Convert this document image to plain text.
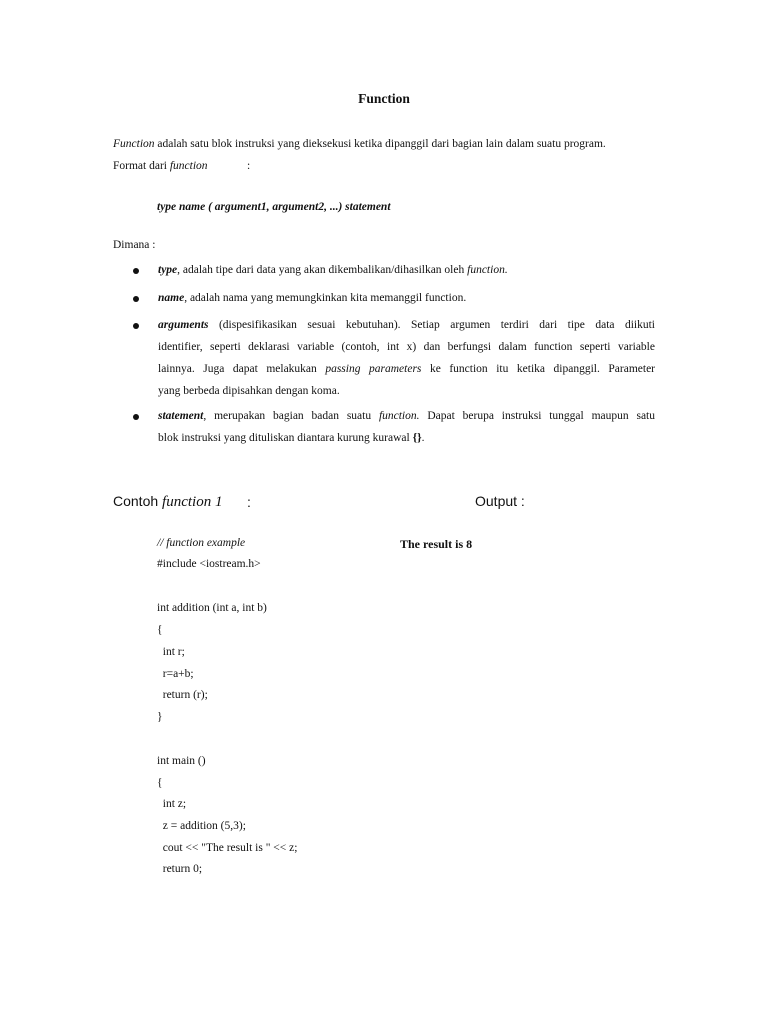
Function
Function adalah satu blok instruksi yang dieksekusi ketika dipanggil dari bagian lain dalam suatu program.
Format dari function	:
type name ( argument1, argument2, ...) statement
Dimana :
type, adalah tipe dari data yang akan dikembalikan/dihasilkan oleh function.
name, adalah nama yang memungkinkan kita memanggil function.
arguments (dispesifikasikan sesuai kebutuhan). Setiap argumen terdiri dari tipe data diikuti
identifier, seperti deklarasi variable (contoh, int x) dan berfungsi dalam function seperti variable
lainnya. Juga dapat melakukan passing parameters ke function itu ketika dipanggil. Parameter
yang berbeda dipisahkan dengan koma.
statement, merupakan bagian badan suatu function. Dapat berupa instruksi tunggal maupun satu
blok instruksi yang dituliskan diantara kurung kurawal {}.
Contoh function 1 :	Output :
The result is 8
// function example
#include <iostream.h>
int addition (int a, int b)
{
int r;
r=a+b;
return (r);
}
int main ()
{
int z;
z = addition (5,3);
cout << "The result is " << z;
return 0;
